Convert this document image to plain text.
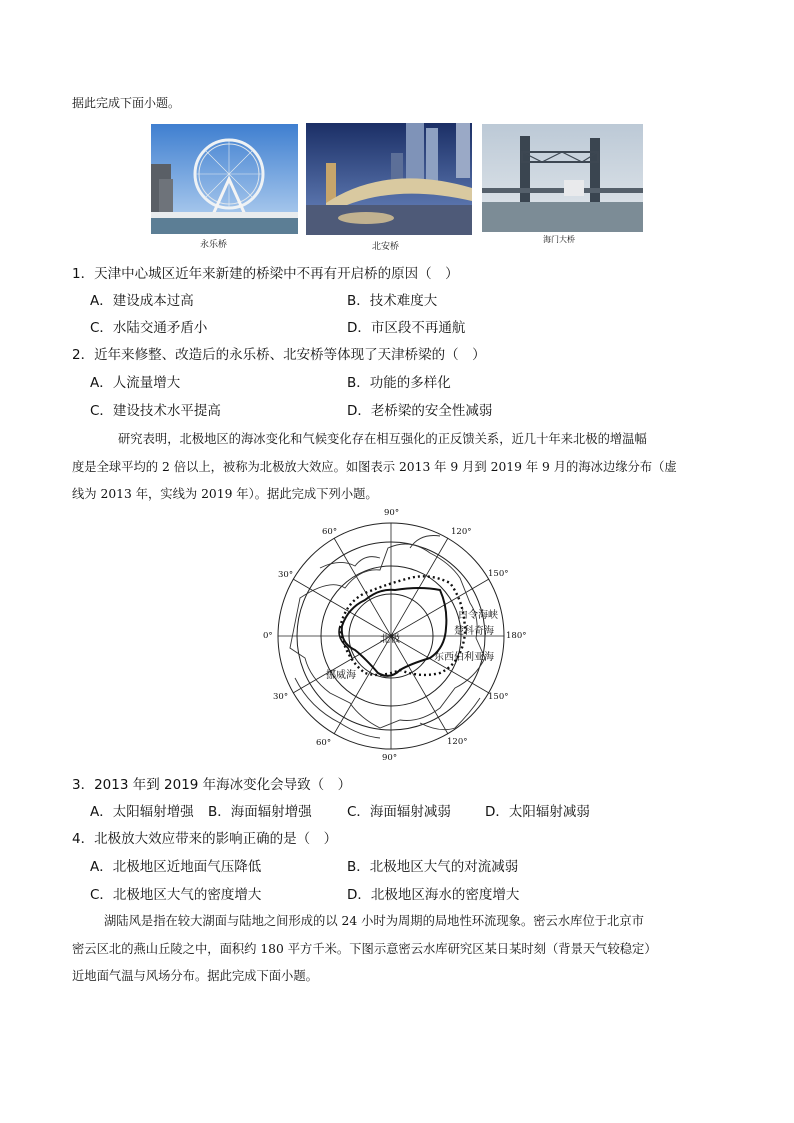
据此完成下面小题。
永乐桥	北安桥
海门大桥
1．天津中心城区近年来新建的桥梁中不再有开启桥的原因（　）
A．建设成本过高	B．技术难度大
C．水陆交通矛盾小	D．市区段不再通航
2．近年来修整、改造后的永乐桥、北安桥等体现了天津桥梁的（　）
A．人流量增大	B．功能的多样化
C．建设技术水平提高	D．老桥梁的安全性减弱
研究表明，北极地区的海冰变化和气候变化存在相互强化的正反馈关系，近几十年来北极的增温幅
度是全球平均的 2 倍以上，被称为北极放大效应。如图表示 2013 年 9 月到 2019 年 9 月的海冰边缘分布（虚
线为 2013 年，实线为 2019 年）。据此完成下列小题。
90°
120°
150°
180°
150°
120°
90°
60°
30°
0°
30°
60°
北极
白令海峡
楚科奇海
东西伯利亚海
挪威海
3．2013 年到 2019 年海冰变化会导致（　）
A．太阳辐射增强 B．海面辐射增强	C．海面辐射减弱	D．太阳辐射减弱
4．北极放大效应带来的影响正确的是（　）
A．北极地区近地面气压降低	B．北极地区大气的对流减弱
C．北极地区大气的密度增大	D．北极地区海水的密度增大
湖陆风是指在较大湖面与陆地之间形成的以 24 小时为周期的局地性环流现象。密云水库位于北京市
密云区北的燕山丘陵之中，面积约 180 平方千米。下图示意密云水库研究区某日某时刻（背景天气较稳定）
近地面气温与风场分布。据此完成下面小题。
